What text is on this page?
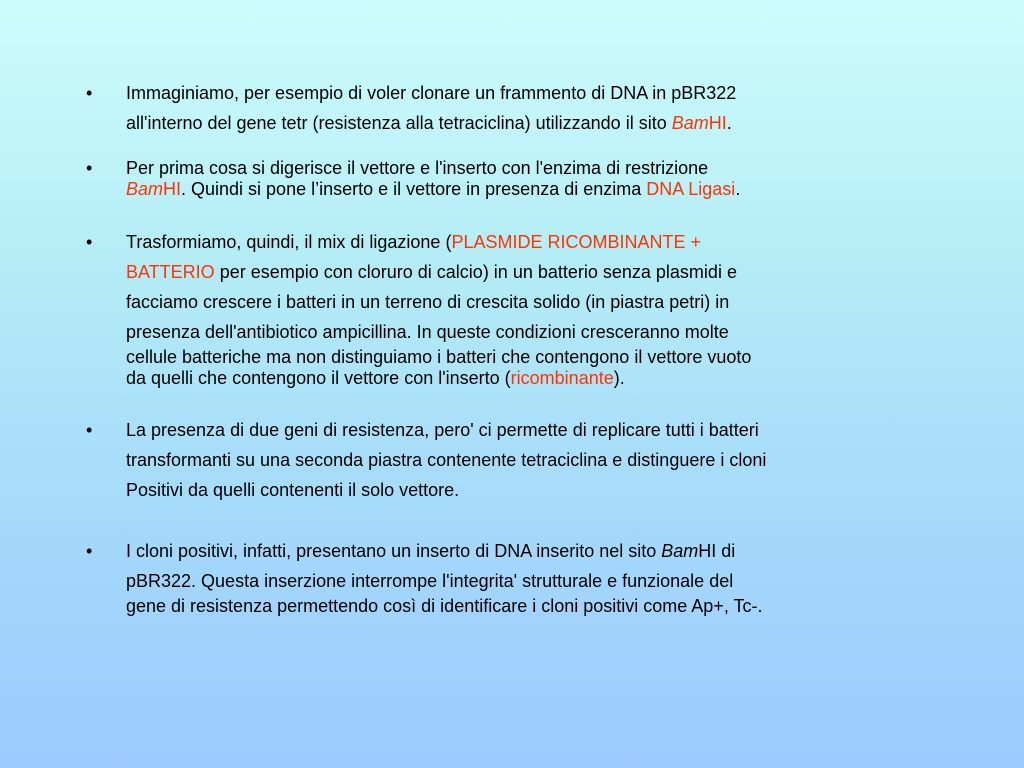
• Immaginiamo, per esempio di voler clonare un frammento di DNA in pBR322
all'interno del gene tetr (resistenza alla tetraciclina) utilizzando il sito BamHI.
• Per prima cosa si digerisce il vettore e l'inserto con l'enzima di restrizione
BamHI. Quindi si pone l’inserto e il vettore in presenza di enzima DNA Ligasi.
• Trasformiamo, quindi, il mix di ligazione (PLASMIDE RICOMBINANTE +
BATTERIO per esempio con cloruro di calcio) in un batterio senza plasmidi e
facciamo crescere i batteri in un terreno di crescita solido (in piastra petri) in
presenza dell'antibiotico ampicillina. In queste condizioni cresceranno molte
cellule batteriche ma non distinguiamo i batteri che contengono il vettore vuoto
da quelli che contengono il vettore con l'inserto (ricombinante).
• La presenza di due geni di resistenza, pero' ci permette di replicare tutti i batteri
transformanti su una seconda piastra contenente tetraciclina e distinguere i cloni
Positivi da quelli contenenti il solo vettore.
• I cloni positivi, infatti, presentano un inserto di DNA inserito nel sito BamHI di
pBR322. Questa inserzione interrompe l'integrita' strutturale e funzionale del
gene di resistenza permettendo così di identificare i cloni positivi come Ap+, Tc-.
